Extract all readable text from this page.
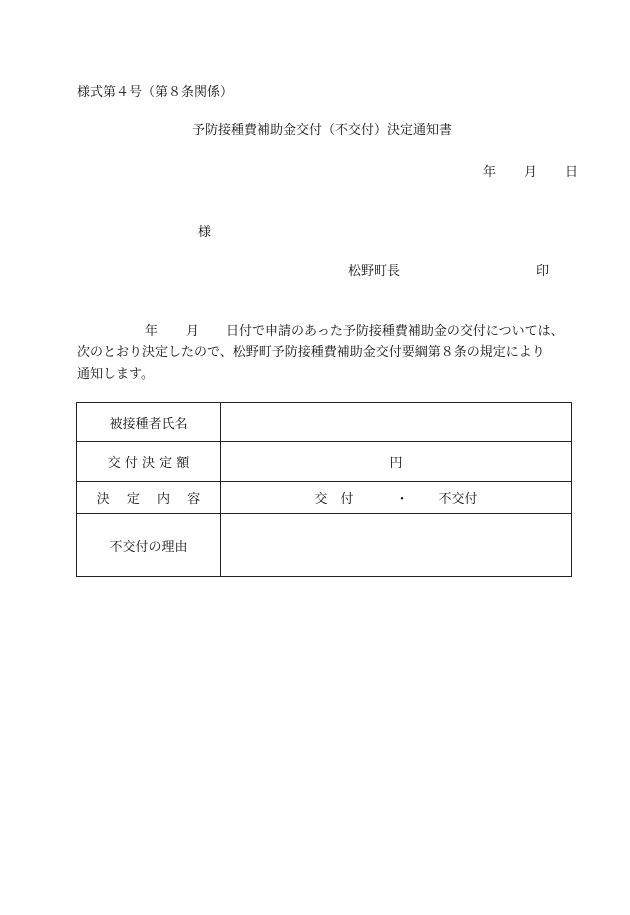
様式第４号（第８条関係）
予防接種費補助金交付（不交付）決定通知書
年 月 日
様
松野町長	印
年 月 日付で申請のあった予防接種費補助金の交付については、
次のとおり決定したので、松野町予防接種費補助金交付要綱第８条の規定により
通知します。
被接種者氏名	
交 付 決 定 額	円
決　 定 　内 　容	交　付 ・ 不交付
不交付の理由	
